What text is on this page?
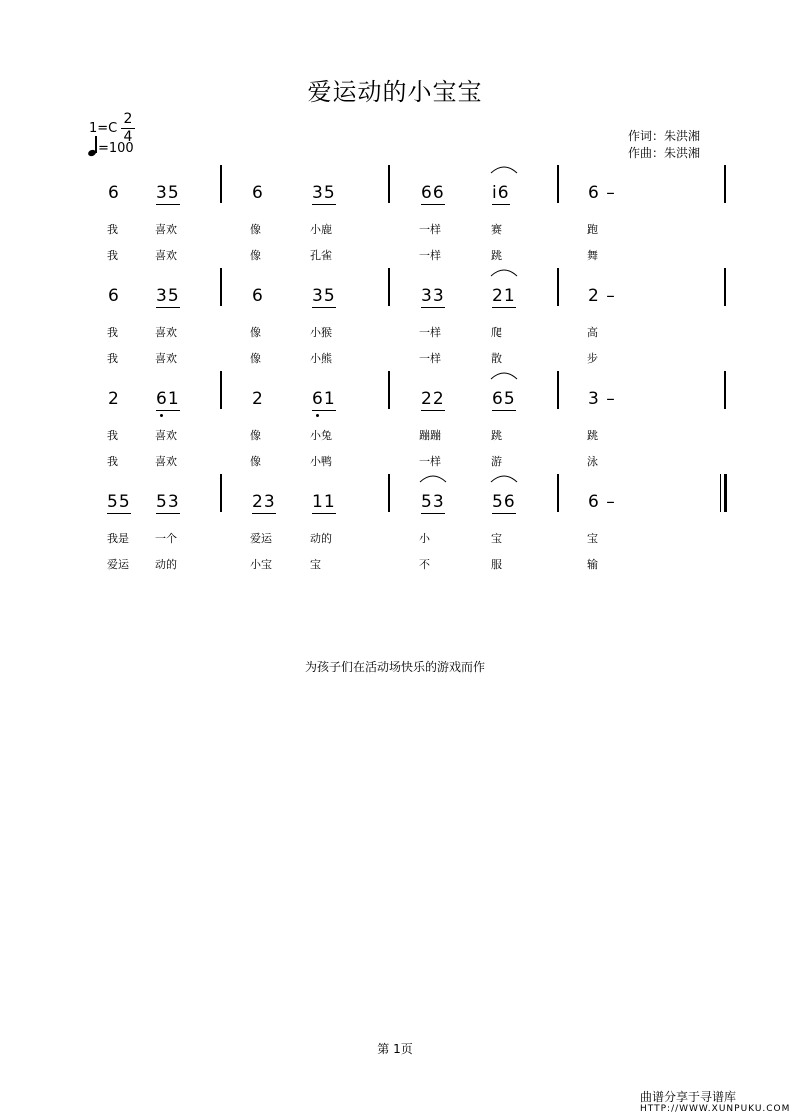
爱运动的小宝宝
1=C
2
4
=100
作词：朱洪湘
作曲：朱洪湘
6 35	6	35	66	i6	6 –
我	喜欢	像	小鹿	一样	赛	跑
我	喜欢	像	孔雀	一样	跳	舞
6 35	6	35	33	21	2 –
我	喜欢	像	小猴	一样	爬	高
我	喜欢	像	小熊	一样	散	步
2 61	2	61	22	65	3 –
我	喜欢	像	小兔	蹦蹦	跳	跳
我	喜欢	像	小鸭	一样	游	泳
55 53	23 11	53	56	6 –
我是 一个	爱运	动的	小	宝	宝
爱运 动的	小宝	宝	不	服	输
为孩子们在活动场快乐的游戏而作
第 1页
曲谱分享于寻谱库
HTTP://WWW.XUNPUKU.COM
